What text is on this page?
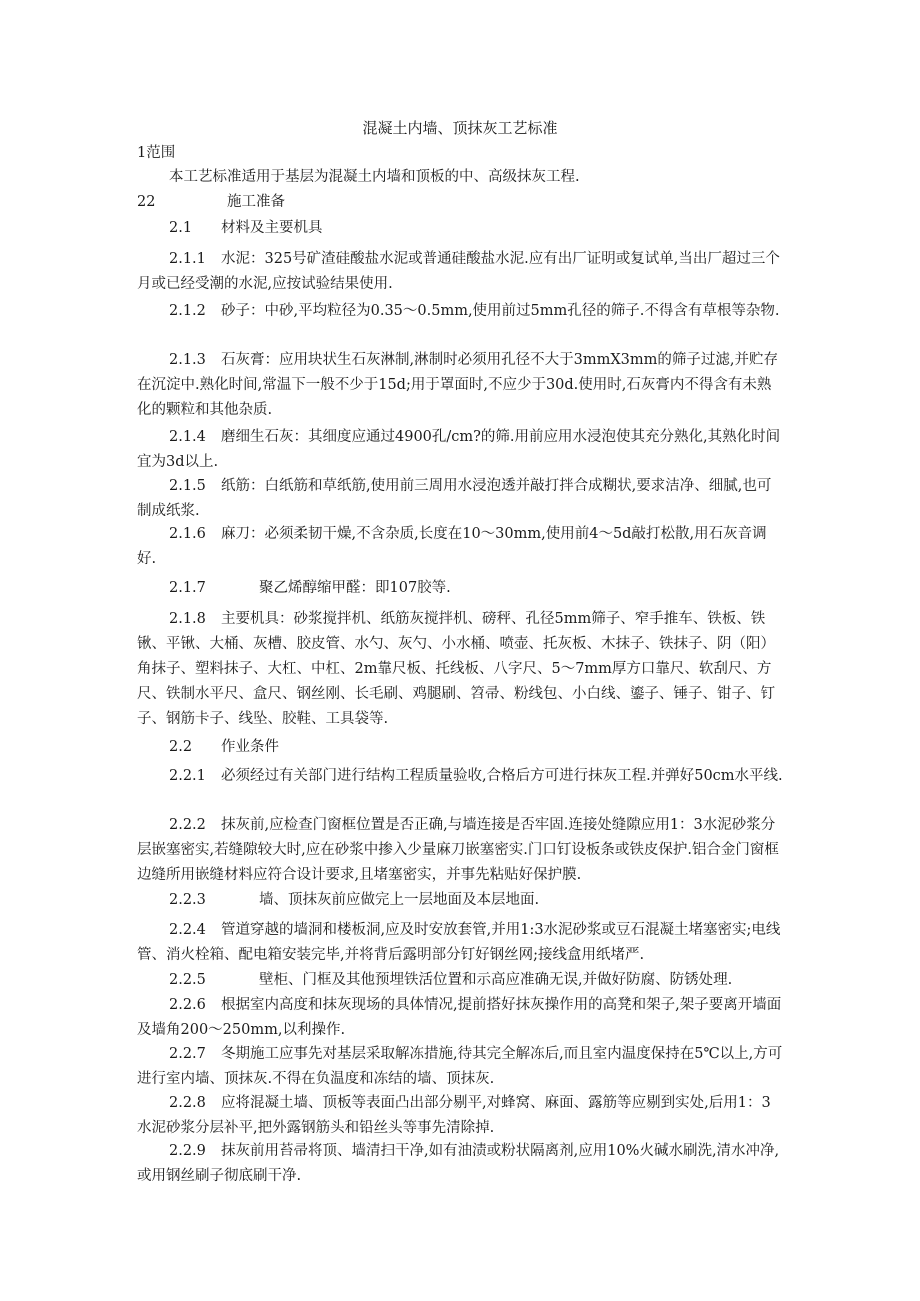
混凝土内墙、顶抹灰工艺标准
1范围
本工艺标准适用于基层为混凝土内墙和顶板的中、高级抹灰工程.
22	施工准备
2.1 材料及主要机具
2.1.1 水泥：325号矿渣硅酸盐水泥或普通硅酸盐水泥.应有出厂证明或复试单,当出厂超过三个月或已经受潮的水泥,应按试验结果使用.
2.1.2 砂子：中砂,平均粒径为0.35～0.5mm,使用前过5mm孔径的筛子.不得含有草根等杂物.
2.1.3 石灰膏：应用块状生石灰淋制,淋制时必须用孔径不大于3mmX3mm的筛子过滤,并贮存在沉淀中.熟化时间,常温下一般不少于15d;用于罩面时,不应少于30d.使用时,石灰膏内不得含有未熟化的颗粒和其他杂质.
2.1.4 磨细生石灰：其细度应通过4900孔/cm?的筛.用前应用水浸泡使其充分熟化,其熟化时间宜为3d以上.
2.1.5 纸筋：白纸筋和草纸筋,使用前三周用水浸泡透并敲打拌合成糊状,要求洁净、细腻,也可制成纸浆.
2.1.6 麻刀：必须柔韧干燥,不含杂质,长度在10～30mm,使用前4～5d敲打松散,用石灰音调好.
2.1.7	聚乙烯醇缩甲醛：即107胶等.
2.1.8 主要机具：砂浆搅拌机、纸筋灰搅拌机、磅秤、孔径5mm筛子、窄手推车、铁板、铁锹、平锹、大桶、灰槽、胶皮管、水勺、灰勺、小水桶、喷壶、托灰板、木抹子、铁抹子、阴（阳）角抹子、塑料抹子、大杠、中杠、2m靠尺板、托线板、八字尺、5～7mm厚方口靠尺、软刮尺、方尺、铁制水平尺、盒尺、钢丝刚、长毛刷、鸡腿刷、笤帚、粉线包、小白线、鎏子、锤子、钳子、钉子、钢筋卡子、线坠、胶鞋、工具袋等.
2.2 作业条件
2.2.1 必须经过有关部门进行结构工程质量验收,合格后方可进行抹灰工程.并弹好50cm水平线.
2.2.2 抹灰前,应检查门窗框位置是否正确,与墙连接是否牢固.连接处缝隙应用1：3水泥砂浆分层嵌塞密实,若缝隙较大时,应在砂浆中掺入少量麻刀嵌塞密实.门口钉设板条或铁皮保护.铝合金门窗框边缝所用嵌缝材料应符合设计要求,且堵塞密实，并事先粘贴好保护膜.
2.2.3	墙、顶抹灰前应做完上一层地面及本层地面.
2.2.4 管道穿越的墙洞和楼板洞,应及时安放套管,并用1:3水泥砂浆或豆石混凝土堵塞密实;电线管、消火栓箱、配电箱安装完毕,并将背后露明部分钉好钢丝网;接线盒用纸堵严.
2.2.5	壁柜、门框及其他预埋铁活位置和示高应准确无误,并做好防腐、防锈处理.
2.2.6 根据室内高度和抹灰现场的具体情况,提前搭好抹灰操作用的高凳和架子,架子要离开墙面及墙角200～250mm,以利操作.
2.2.7 冬期施工应事先对基层采取解冻措施,待其完全解冻后,而且室内温度保持在5℃以上,方可进行室内墙、顶抹灰.不得在负温度和冻结的墙、顶抹灰.
2.2.8 应将混凝土墙、顶板等表面凸出部分剔平,对蜂窝、麻面、露筋等应剔到实处,后用1：3水泥砂浆分层补平,把外露钢筋头和铅丝头等事先清除掉.
2.2.9 抹灰前用苔帚将顶、墙清扫干净,如有油渍或粉状隔离剂,应用10%火碱水刷洗,清水冲净,或用钢丝刷子彻底刷干净.
